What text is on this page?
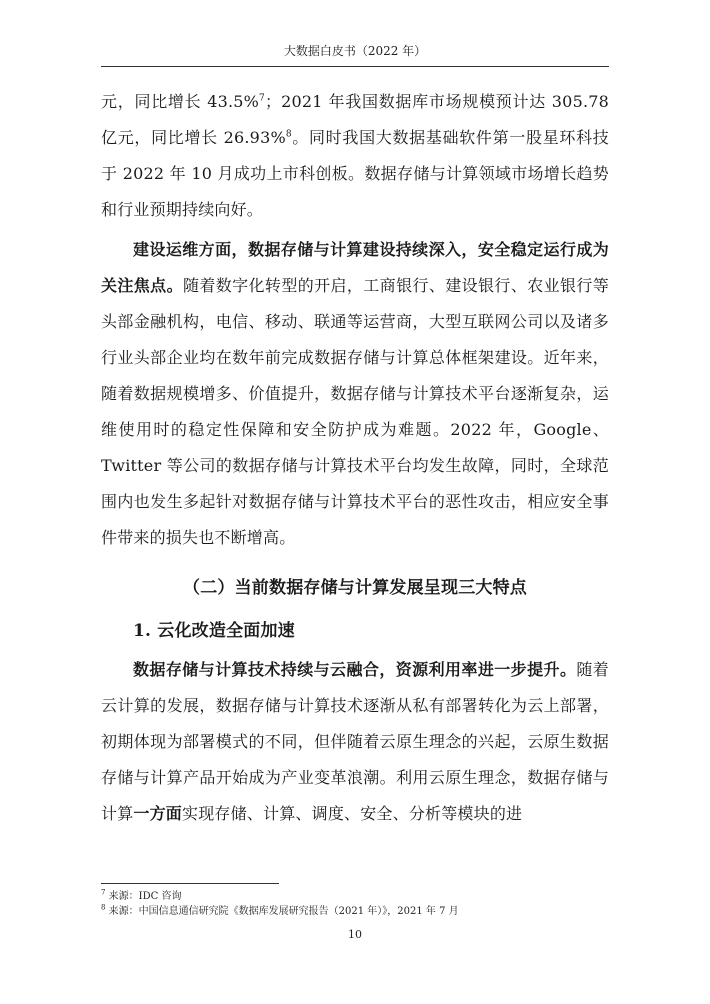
大数据白皮书（2022 年）

元，同比增长 43.5%$^7$；2021 年我国数据库市场规模预计达 305.78 亿元，同比增长 26.93%$^8$。同时我国大数据基础软件第一股星环科技于 2022 年 10 月成功上市科创板。数据存储与计算领域市场增长趋势和行业预期持续向好。

建设运维方面，数据存储与计算建设持续深入，安全稳定运行成为关注焦点。随着数字化转型的开启，工商银行、建设银行、农业银行等头部金融机构，电信、移动、联通等运营商，大型互联网公司以及诸多行业头部企业均在数年前完成数据存储与计算总体框架建设。近年来，随着数据规模增多、价值提升，数据存储与计算技术平台逐渐复杂，运维使用时的稳定性保障和安全防护成为难题。2022 年，Google、Twitter 等公司的数据存储与计算技术平台均发生故障，同时，全球范围内也发生多起针对数据存储与计算技术平台的恶性攻击，相应安全事件带来的损失也不断增高。

（二）当前数据存储与计算发展呈现三大特点
1. 云化改造全面加速

数据存储与计算技术持续与云融合，资源利用率进一步提升。随着云计算的发展，数据存储与计算技术逐渐从私有部署转化为云上部署，初期体现为部署模式的不同，但伴随着云原生理念的兴起，云原生数据存储与计算产品开始成为产业变革浪潮。利用云原生理念，数据存储与计算一方面实现存储、计算、调度、安全、分析等模块的进

$^7$ 来源：IDC 咨询
$^8$ 来源：中国信息通信研究院《数据库发展研究报告（2021 年）》，2021 年 7 月
10
